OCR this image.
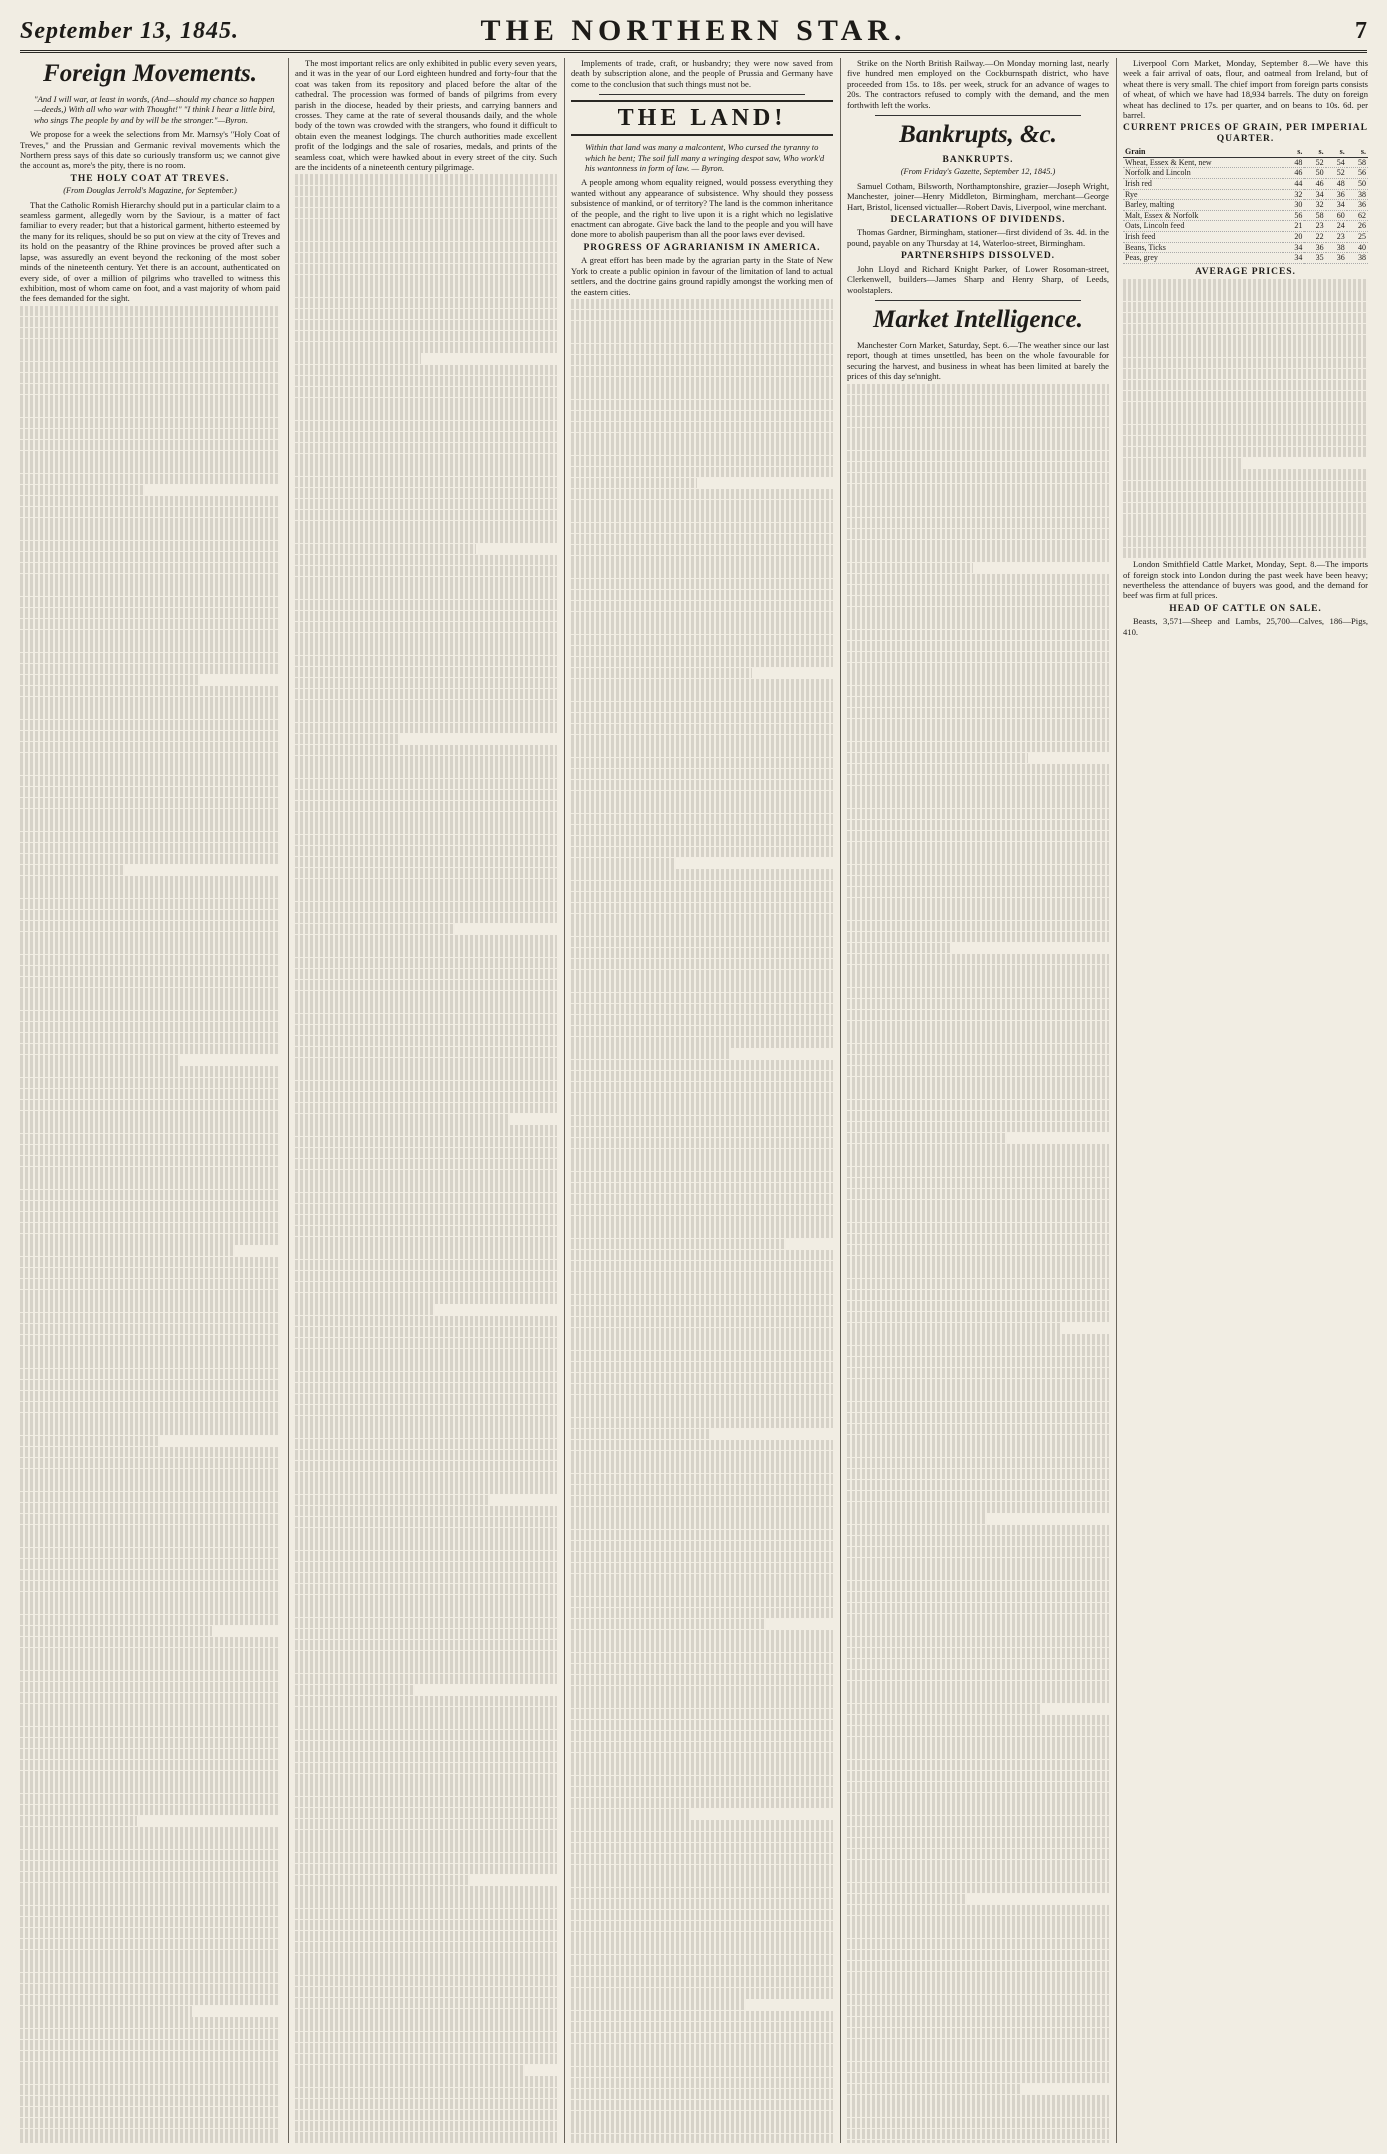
September 13, 1845.	THE NORTHERN STAR.	7
Foreign Movements.
"And I will war, at least in words, (And—should my chance so happen—deeds,) With all who war with Thought!" "I think I hear a little bird, who sings The people by and by will be the stronger."—Byron.

We propose for a week the selections from Mr. Marnsy's "Holy Coat of Treves," and the Prussian and Germanic revival movements which the Northern press says of this date so curiously transform us; we cannot give the account as, more's the pity, there is no room.

THE HOLY COAT AT TREVES.
(From Douglas Jerrold's Magazine, for September.)

That the Catholic Romish Hierarchy should put in a particular claim to a seamless garment, allegedly worn by the Saviour, is a matter of fact familiar to every reader; but that a historical garment, hitherto esteemed by the many for its reliques, should be so put on view at the city of Treves and its hold on the peasantry of the Rhine provinces be proved after such a lapse, was assuredly an event beyond the reckoning of the most sober minds of the nineteenth century. Yet there is an account, authenticated on every side, of over a million of pilgrims who travelled to witness this exhibition, most of whom came on foot, and a vast majority of whom paid the fees demanded for the sight.

The most important relics are only exhibited in public every seven years, and it was in the year of our Lord eighteen hundred and forty-four that the coat was taken from its repository and placed before the altar of the cathedral. The procession was formed of bands of pilgrims from every parish in the diocese, headed by their priests, and carrying banners and crosses. They came at the rate of several thousands daily, and the whole body of the town was crowded with the strangers, who found it difficult to obtain even the meanest lodgings. The church authorities made excellent profit of the lodgings and the sale of rosaries, medals, and prints of the seamless coat, which were hawked about in every street of the city. Such are the incidents of a nineteenth century pilgrimage.

Implements of trade, craft, or husbandry; they were now saved from death by subscription alone, and the people of Prussia and Germany have come to the conclusion that such things must not be.

THE LAND!
Within that land was many a malcontent, Who cursed the tyranny to which he bent; The soil full many a wringing despot saw, Who work'd his wantonness in form of law. — Byron.

A people among whom equality reigned, would possess everything they wanted without any appearance of subsistence. Why should they possess subsistence of mankind, or of territory? The land is the common inheritance of the people, and the right to live upon it is a right which no legislative enactment can abrogate. Give back the land to the people and you will have done more to abolish pauperism than all the poor laws ever devised.

PROGRESS OF AGRARIANISM IN AMERICA.

A great effort has been made by the agrarian party in the State of New York to create a public opinion in favour of the limitation of land to actual settlers, and the doctrine gains ground rapidly amongst the working men of the eastern cities.

Strike on the North British Railway.—On Monday morning last, nearly five hundred men employed on the Cockburnspath district, who have proceeded from 15s. to 18s. per week, struck for an advance of wages to 20s. The contractors refused to comply with the demand, and the men forthwith left the works.

Bankrupts, &c.
BANKRUPTS.
(From Friday's Gazette, September 12, 1845.)

Samuel Cotham, Bilsworth, Northamptonshire, grazier—Joseph Wright, Manchester, joiner—Henry Middleton, Birmingham, merchant—George Hart, Bristol, licensed victualler—Robert Davis, Liverpool, wine merchant.

DECLARATIONS OF DIVIDENDS.

Thomas Gardner, Birmingham, stationer—first dividend of 3s. 4d. in the pound, payable on any Thursday at 14, Waterloo-street, Birmingham.

PARTNERSHIPS DISSOLVED.

John Lloyd and Richard Knight Parker, of Lower Rosoman-street, Clerkenwell, builders—James Sharp and Henry Sharp, of Leeds, woolstaplers.

Market Intelligence.

Manchester Corn Market, Saturday, Sept. 6.—The weather since our last report, though at times unsettled, has been on the whole favourable for securing the harvest, and business in wheat has been limited at barely the prices of this day se'nnight.

Liverpool Corn Market, Monday, September 8.—We have this week a fair arrival of oats, flour, and oatmeal from Ireland, but of wheat there is very small. The chief import from foreign parts consists of wheat, of which we have had 18,934 barrels. The duty on foreign wheat has declined to 17s. per quarter, and on beans to 10s. 6d. per barrel.

CURRENT PRICES OF GRAIN, PER IMPERIAL QUARTER.
Grain	s.	s.	s.	s.
Wheat, Essex & Kent, new	48	52	54	58
Norfolk and Lincoln	46	50	52	56
Irish red	44	46	48	50
Rye	32	34	36	38
Barley, malting	30	32	34	36
Malt, Essex & Norfolk	56	58	60	62
Oats, Lincoln feed	21	23	24	26
Irish feed	20	22	23	25
Beans, Ticks	34	36	38	40
Peas, grey	34	35	36	38
AVERAGE PRICES.

London Smithfield Cattle Market, Monday, Sept. 8.—The imports of foreign stock into London during the past week have been heavy; nevertheless the attendance of buyers was good, and the demand for beef was firm at full prices.

HEAD OF CATTLE ON SALE.

Beasts, 3,571—Sheep and Lambs, 25,700—Calves, 186—Pigs, 410.
